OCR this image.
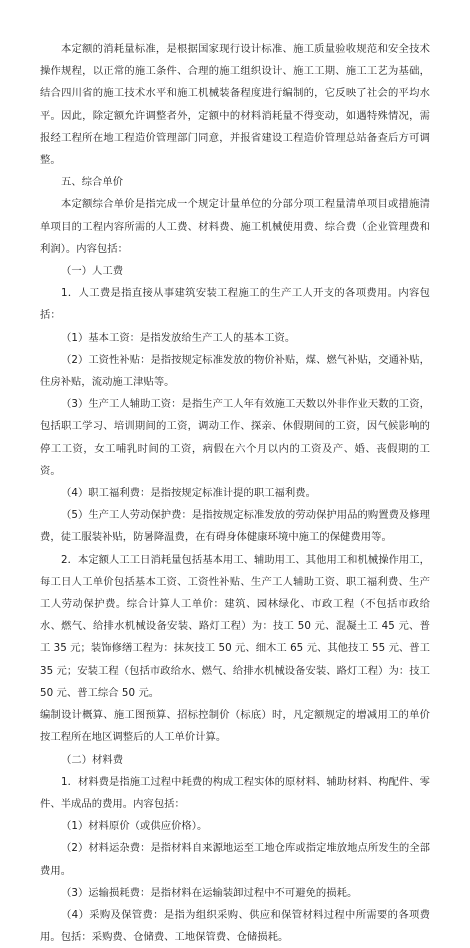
本定额的消耗量标准，是根据国家现行设计标准、施工质量验收规范和安全技术操作规程，以正常的施工条件、合理的施工组织设计、施工工期、施工工艺为基础，结合四川省的施工技术水平和施工机械装备程度进行编制的，它反映了社会的平均水平。因此，除定额允许调整者外，定额中的材料消耗量不得变动，如遇特殊情况，需报经工程所在地工程造价管理部门同意，并报省建设工程造价管理总站备查后方可调整。

五、综合单价

本定额综合单价是指完成一个规定计量单位的分部分项工程量清单项目或措施清单项目的工程内容所需的人工费、材料费、施工机械使用费、综合费（企业管理费和利润）。内容包括：

（一）人工费

1．人工费是指直接从事建筑安装工程施工的生产工人开支的各项费用。内容包括：

（1）基本工资：是指发放给生产工人的基本工资。

（2）工资性补贴：是指按规定标准发放的物价补贴，煤、燃气补贴，交通补贴，住房补贴，流动施工津贴等。

（3）生产工人辅助工资：是指生产工人年有效施工天数以外非作业天数的工资，包括职工学习、培训期间的工资，调动工作、探亲、休假期间的工资，因气候影响的停工工资，女工哺乳时间的工资，病假在六个月以内的工资及产、婚、丧假期的工资。

（4）职工福利费：是指按规定标准计提的职工福利费。

（5）生产工人劳动保护费：是指按规定标准发放的劳动保护用品的购置费及修理费，徒工服装补贴，防暑降温费，在有碍身体健康环境中施工的保健费用等。

2．本定额人工工日消耗量包括基本用工、辅助用工、其他用工和机械操作用工，每工日人工单价包括基本工资、工资性补贴、生产工人辅助工资、职工福利费、生产工人劳动保护费。综合计算人工单价：建筑、园林绿化、市政工程（不包括市政给水、燃气、给排水机械设备安装、路灯工程）为：技工 50 元、混凝土工 45 元、普工 35 元；装饰修缮工程为：抹灰技工 50 元、细木工 65 元、其他技工 55 元、普工 35 元；安装工程（包括市政给水、燃气、给排水机械设备安装、路灯工程）为：技工 50 元、普工综合 50 元。

编制设计概算、施工图预算、招标控制价（标底）时，凡定额规定的增减用工的单价按工程所在地区调整后的人工单价计算。

（二）材料费

1．材料费是指施工过程中耗费的构成工程实体的原材料、辅助材料、构配件、零件、半成品的费用。内容包括：

（1）材料原价（或供应价格）。

（2）材料运杂费：是指材料自来源地运至工地仓库或指定堆放地点所发生的全部费用。

（3）运输损耗费：是指材料在运输装卸过程中不可避免的损耗。

（4）采购及保管费：是指为组织采购、供应和保管材料过程中所需要的各项费用。包括：采购费、仓储费、工地保管费、仓储损耗。
